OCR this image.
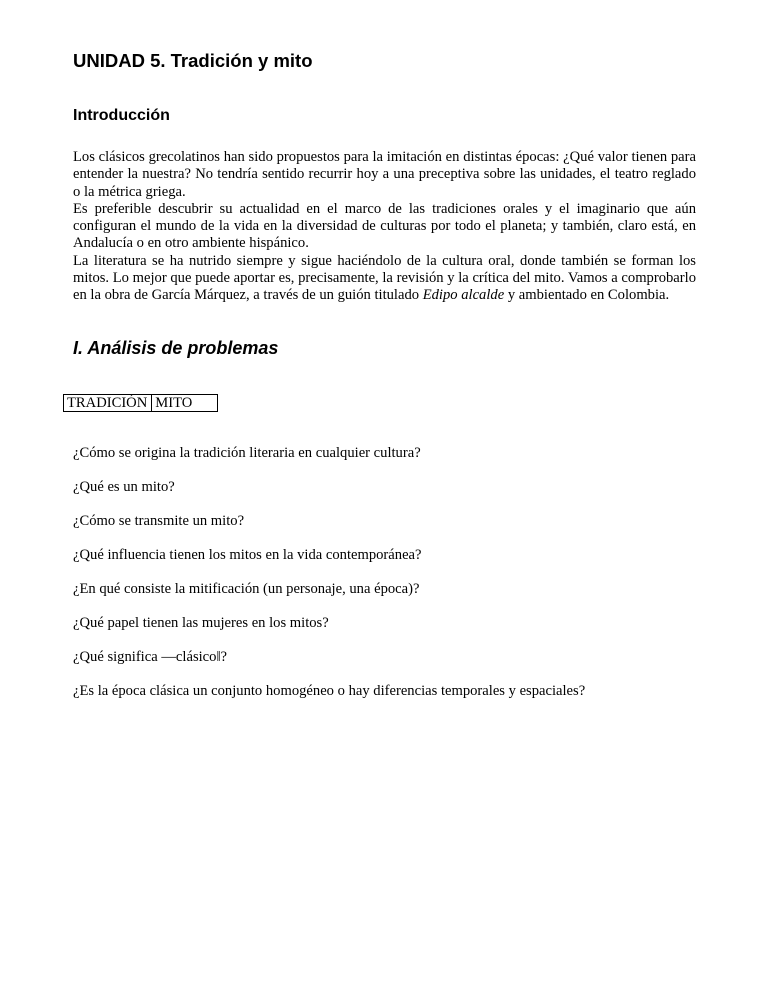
UNIDAD 5. Tradición y mito
Introducción

Los clásicos grecolatinos han sido propuestos para la imitación en distintas épocas: ¿Qué valor tienen para entender la nuestra? No tendría sentido recurrir hoy a una preceptiva sobre las unidades, el teatro reglado o la métrica griega.

Es preferible descubrir su actualidad en el marco de las tradiciones orales y el imaginario que aún configuran el mundo de la vida en la diversidad de culturas por todo el planeta; y también, claro está, en Andalucía o en otro ambiente hispánico.

La literatura se ha nutrido siempre y sigue haciéndolo de la cultura oral, donde también se forman los mitos. Lo mejor que puede aportar es, precisamente, la revisión y la crítica del mito. Vamos a comprobarlo en la obra de García Márquez, a través de un guión titulado Edipo alcalde y ambientado en Colombia.

I. Análisis de problemas
TRADICIÓN	MITO
¿Cómo se origina la tradición literaria en cualquier cultura?
¿Qué es un mito?
¿Cómo se transmite un mito?
¿Qué influencia tienen los mitos en la vida contemporánea?
¿En qué consiste la mitificación (un personaje, una época)?
¿Qué papel tienen las mujeres en los mitos?
¿Qué significa ―clásico‖?
¿Es la época clásica un conjunto homogéneo o hay diferencias temporales y espaciales?
